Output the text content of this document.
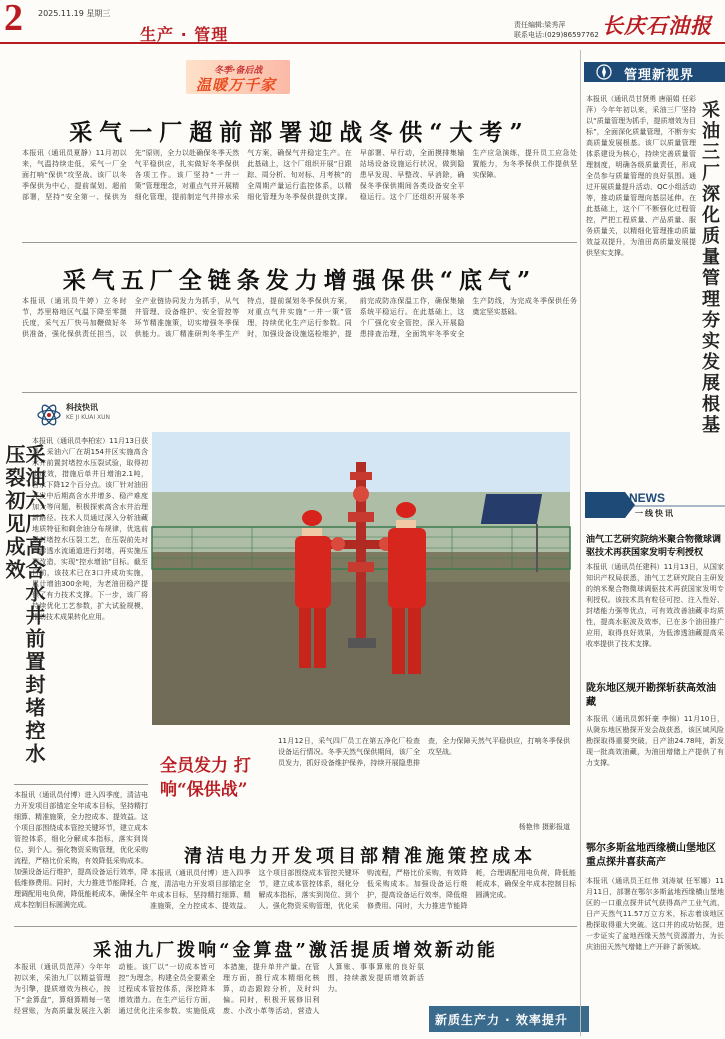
2 2025.11.19 星期三
生产 · 管理	责任编辑:梁秀萍
联系电话:(029)86597762 长庆石油报
冬季·备后战
温暖万千家
采气一厂超前部署迎战冬供“大考”
本报讯（通讯员夏静）11月初以来，气温持续走低，采气一厂全面打响“保供”攻坚战。该厂以冬季保供为中心，提前谋划、超前部署，坚持“安全第一、保供为先”原则，全力以赴确保冬季天然气平稳供应，扎实做好冬季保供各项工作。该厂坚持“一井一策”管理理念，对重点气井开展精细化管理，提前制定气井排水采气方案，确保气井稳定生产。在此基础上，这个厂组织开展“日跟踪、周分析、旬对标、月考核”的全周期产量运行监控体系，以精细化管理为冬季保供提供支撑。早部署、早行动，全面摸排集输站场设备设施运行状况，做到隐患早发现、早整改、早消除，确保冬季保供期间各类设备安全平稳运行。这个厂还组织开展冬季生产应急演练，提升员工应急处置能力，为冬季保供工作提供坚实保障。
采气五厂全链条发力增强保供“底气”
本报讯（通讯员牛婷）立冬时节，苏里格地区气温下降至零摄氏度，采气五厂快马加鞭做好冬供准备，强化保供责任担当，以全产业链协同发力为抓手，从气井管理、设备维护、安全管控等环节精准施策，切实增强冬季保供能力。该厂精准研判冬季生产特点，提前谋划冬季保供方案，对重点气井实施“一井一策”管理，持续优化生产运行参数。同时，加强设备设施巡检维护，提前完成防冻保温工作，确保集输系统平稳运行。在此基础上，这个厂强化安全管控，深入开展隐患排查治理，全面筑牢冬季安全生产防线，为完成冬季保供任务奠定坚实基础。
科技快讯
KE JI KUAI XUN
采油六厂高含水井前置封堵控水压裂初见成效
本报讯（通讯员李柏宏）11月13日获悉，采油六厂在胡154井区实施高含水井前置封堵控水压裂试验，取得初步成效，措施后单井日增油2.1吨，含水下降12个百分点。该厂针对油田开发中后期高含水井增多、稳产难度加大等问题，积极探索高含水井治理新路径。技术人员通过深入分析油藏地质特征和剩余油分布规律，优选前置封堵控水压裂工艺，在压裂前先对高渗透水流通道进行封堵，再实施压裂改造，实现“控水增油”目标。截至目前，该技术已在3口井成功实施，累计增油300余吨，为老油田稳产提供了有力技术支撑。下一步，该厂将持续优化工艺参数，扩大试验规模，推动技术成果转化应用。
全员发力 打响“保供战”
11月12日，采气四厂员工在第五净化厂检查设备运行情况。冬季天然气保供期间，该厂全员发力，抓好设备维护保养，持续开展隐患排查，全力保障天然气平稳供应，打响冬季保供攻坚战。
杨艳伟 摄影报道
本报讯（通讯员付博）进入四季度，清洁电力开发项目部锚定全年成本目标，坚持精打细算、精准施策，全力控成本、提效益。这个项目部围绕成本管控关键环节，建立成本管控体系，细化分解成本指标，落实到岗位、到个人。强化物资采购管理，优化采购流程，严格比价采购，有效降低采购成本。加强设备运行维护，提高设备运行效率，降低维修费用。同时，大力推进节能降耗，合理调配用电负荷，降低能耗成本，确保全年成本控制目标圆满完成。
清洁电力开发项目部精准施策控成本
本报讯（通讯员付博）进入四季度，清洁电力开发项目部锚定全年成本目标，坚持精打细算、精准施策，全力控成本、提效益。这个项目部围绕成本管控关键环节，建立成本管控体系，细化分解成本指标，落实到岗位、到个人。强化物资采购管理，优化采购流程，严格比价采购，有效降低采购成本。加强设备运行维护，提高设备运行效率，降低维修费用。同时，大力推进节能降耗，合理调配用电负荷，降低能耗成本，确保全年成本控制目标圆满完成。
采油九厂拨响“金算盘”激活提质增效新动能
本报讯（通讯员范萍）今年年初以来，采油九厂以精益管理为引擎，提质增效为核心，按下“金算盘”，算细算精每一笔经营账，为高质量发展注入新动能。该厂以“一切成本皆可控”为理念，构建全员全要素全过程成本管控体系，深挖降本增效潜力。在生产运行方面，通过优化注采参数、实施低成本措施，提升单井产量。在管理方面，推行成本精细化核算，动态跟踪分析，及时纠偏。同时，积极开展修旧利废、小改小革等活动，营造人人算账、事事算账的良好氛围，持续激发提质增效新活力。
新质生产力 · 效率提升
管理新视界
采油三厂深化质量管理夯实发展根基
本报讯（通讯员甘贤勇 唐丽娟 任彩萍）今年年初以来，采油三厂坚持以“质量管理为抓手，提质增效为目标”，全面深化质量管理，不断夯实高质量发展根基。该厂以质量管理体系建设为核心，持续完善质量管理制度，明确各级质量责任，形成全员参与质量管理的良好氛围。通过开展质量提升活动、QC小组活动等，推动质量管理向基层延伸。在此基础上，这个厂不断强化过程管控，严把工程质量、产品质量、服务质量关，以精细化管理推动质量效益双提升，为油田高质量发展提供坚实支撑。
NEWS
一线快讯
油气工艺研究院纳米聚合物微球调驱技术再获国家发明专利授权
本报讯（通讯员任建科）11月13日，从国家知识产权局获悉，油气工艺研究院自主研发的纳米聚合物微球调驱技术再获国家发明专利授权。该技术具有粒径可控、注入性好、封堵能力强等优点，可有效改善油藏非均质性，提高水驱波及效率，已在多个油田推广应用，取得良好效果，为低渗透油藏提高采收率提供了技术支撑。
陇东地区规开勘探斩获高效油藏
本报讯（通讯员郭轩豪 李锦）11月10日，从陇东地区勘探开发会战获悉，该区域风险勘探取得重要突破，日产油24.78吨，新发现一批高效油藏，为油田增储上产提供了有力支撑。
鄂尔多斯盆地西缘横山堡地区重点探井喜获高产
本报讯（通讯员王红伟 刘涛斌 任军娜）11月11日，部署在鄂尔多斯盆地西缘横山堡地区的一口重点探井试气获得高产工业气流，日产天然气11.57万立方米，标志着该地区勘探取得重大突破。这口井的成功钻探，进一步证实了盆地西缘天然气资源潜力，为长庆油田天然气增储上产开辟了新领域。
